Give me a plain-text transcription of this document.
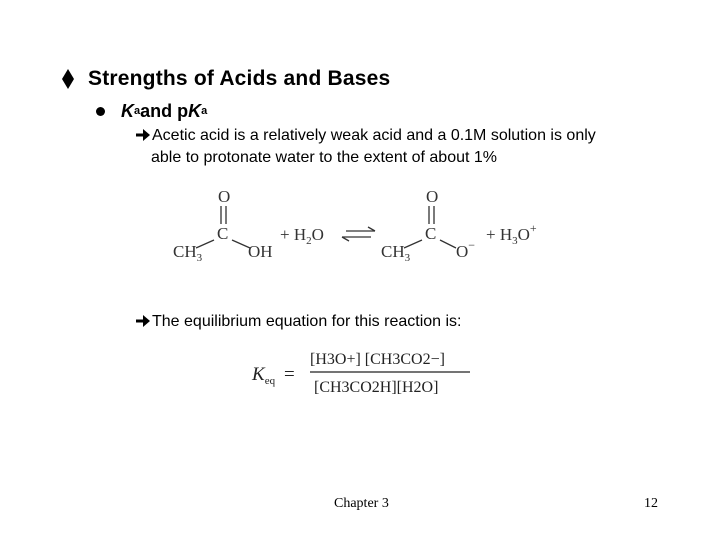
Strengths of Acids and Bases
K a and p K a
Acetic acid is a relatively weak acid and a 0.1M solution is only
able to protonate water to the extent of about 1%
O
C
$CH_3$	OH
+ $H_2O$
O
C
$CH_3$	O−
+ $H_3O^+$
The equilibrium equation for this reaction is:
$K_{eq}$ =
[H3O+] [CH3CO2−]
[CH3CO2H][H2O]
Chapter 3	12
